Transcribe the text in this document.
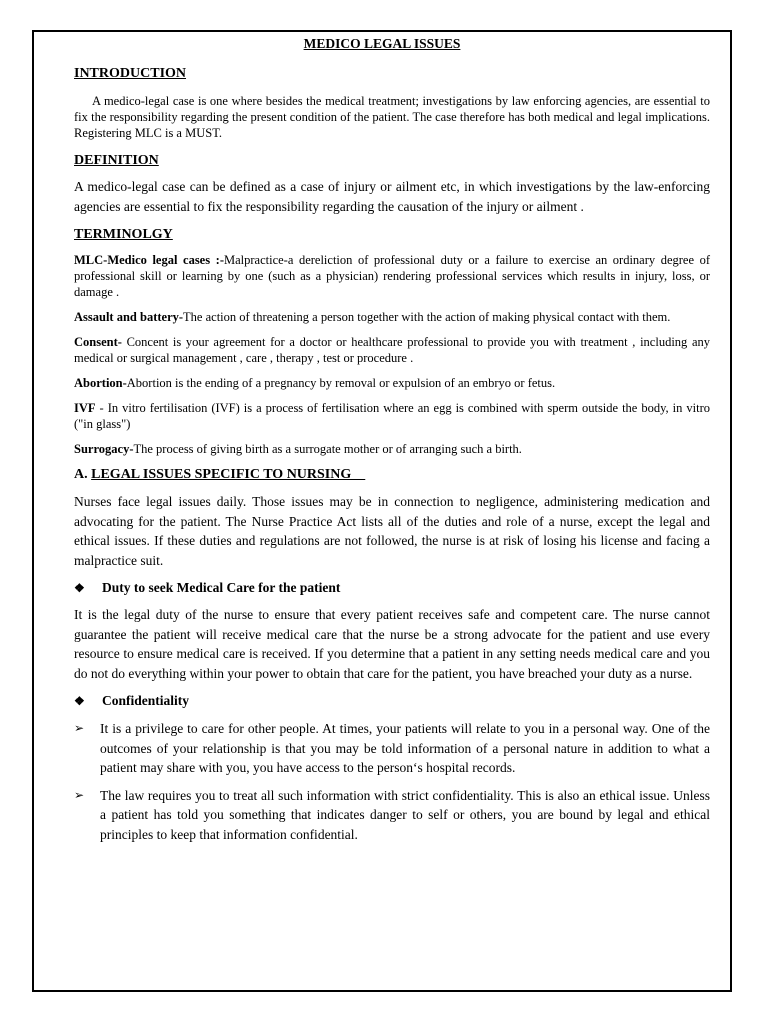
MEDICO LEGAL ISSUES
INTRODUCTION

A medico-legal case is one where besides the medical treatment; investigations by law enforcing agencies, are essential to fix the responsibility regarding the present condition of the patient. The case therefore has both medical and legal implications. Registering MLC is a MUST.

DEFINITION

A medico-legal case can be defined as a case of injury or ailment etc, in which investigations by the law-enforcing agencies are essential to fix the responsibility regarding the causation of the injury or ailment .

TERMINOLGY

MLC-Medico legal cases :-Malpractice-a dereliction of professional duty or a failure to exercise an ordinary degree of professional skill or learning by one (such as a physician) rendering professional services which results in injury, loss, or damage .

Assault and battery-The action of threatening a person together with the action of making physical contact with them.

Consent- Concent is your agreement for a doctor or healthcare professional to provide you with treatment , including any medical or surgical management , care , therapy , test or procedure .

Abortion-Abortion is the ending of a pregnancy by removal or expulsion of an embryo or fetus.

IVF - In vitro fertilisation (IVF) is a process of fertilisation where an egg is combined with sperm outside the body, in vitro ("in glass")

Surrogacy-The process of giving birth as a surrogate mother or of arranging such a birth.

A. LEGAL ISSUES SPECIFIC TO NURSING

Nurses face legal issues daily. Those issues may be in connection to negligence, administering medication and advocating for the patient. The Nurse Practice Act lists all of the duties and role of a nurse, except the legal and ethical issues. If these duties and regulations are not followed, the nurse is at risk of losing his license and facing a malpractice suit.

❖ Duty to seek Medical Care for the patient

It is the legal duty of the nurse to ensure that every patient receives safe and competent care. The nurse cannot guarantee the patient will receive medical care that the nurse be a strong advocate for the patient and use every resource to ensure medical care is received. If you determine that a patient in any setting needs medical care and you do not do everything within your power to obtain that care for the patient, you have breached your duty as a nurse.

❖ Confidentiality

➢	It is a privilege to care for other people. At times, your patients will relate to you in a personal way. One of the outcomes of your relationship is that you may be told information of a personal nature in addition to what a patient may share with you, you have access to the person‘s hospital records.
➢	The law requires you to treat all such information with strict confidentiality. This is also an ethical issue. Unless a patient has told you something that indicates danger to self or others, you are bound by legal and ethical principles to keep that information confidential.
